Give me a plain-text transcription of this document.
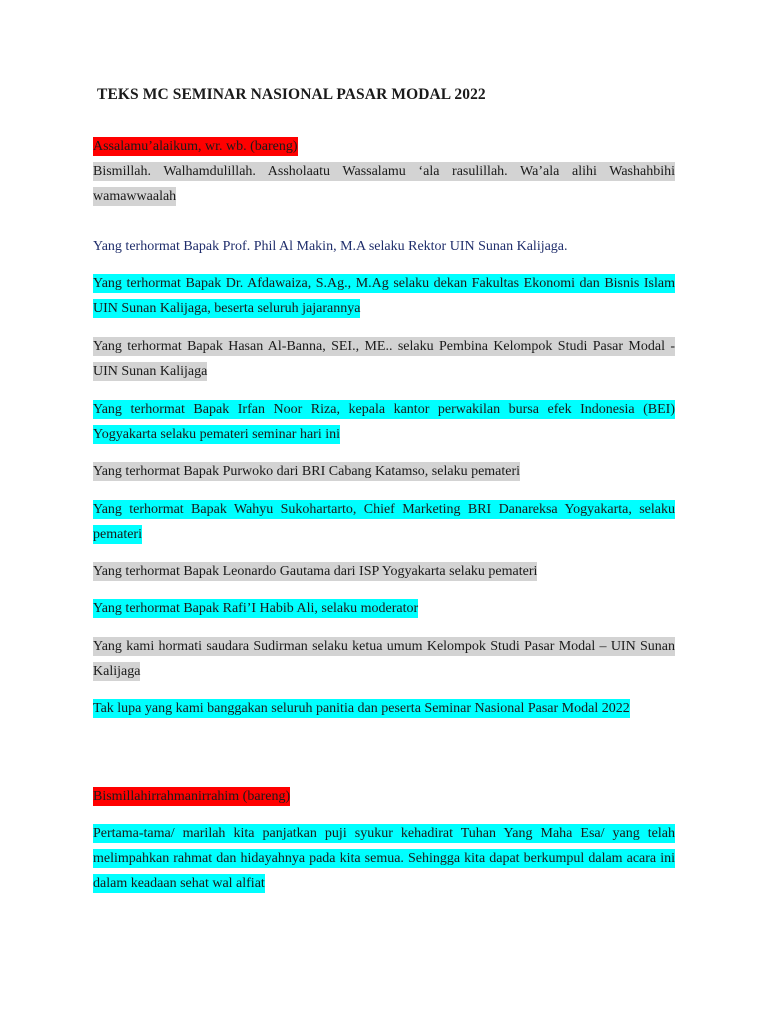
TEKS MC SEMINAR NASIONAL PASAR MODAL 2022

Assalamu’alaikum, wr. wb. (bareng)

Bismillah. Walhamdulillah. Assholaatu Wassalamu ‘ala rasulillah. Wa’ala alihi Washahbihi wamawwaalah

Yang terhormat Bapak Prof. Phil Al Makin, M.A selaku Rektor UIN Sunan Kalijaga.

Yang terhormat Bapak Dr. Afdawaiza, S.Ag., M.Ag selaku dekan Fakultas Ekonomi dan Bisnis Islam UIN Sunan Kalijaga, beserta seluruh jajarannya

Yang terhormat Bapak Hasan Al-Banna, SEI., ME.. selaku Pembina Kelompok Studi Pasar Modal - UIN Sunan Kalijaga

Yang terhormat Bapak Irfan Noor Riza, kepala kantor perwakilan bursa efek Indonesia (BEI) Yogyakarta selaku pemateri seminar hari ini

Yang terhormat Bapak Purwoko dari BRI Cabang Katamso, selaku pemateri

Yang terhormat Bapak Wahyu Sukohartarto, Chief Marketing BRI Danareksa Yogyakarta, selaku pemateri

Yang terhormat Bapak Leonardo Gautama dari ISP Yogyakarta selaku pemateri

Yang terhormat Bapak Rafi’I Habib Ali, selaku moderator

Yang kami hormati saudara Sudirman selaku ketua umum Kelompok Studi Pasar Modal – UIN Sunan Kalijaga

Tak lupa yang kami banggakan seluruh panitia dan peserta Seminar Nasional Pasar Modal 2022

Bismillahirrahmanirrahim (bareng)

Pertama-tama/ marilah kita panjatkan puji syukur kehadirat Tuhan Yang Maha Esa/ yang telah melimpahkan rahmat dan hidayahnya pada kita semua. Sehingga kita dapat berkumpul dalam acara ini dalam keadaan sehat wal alfiat
